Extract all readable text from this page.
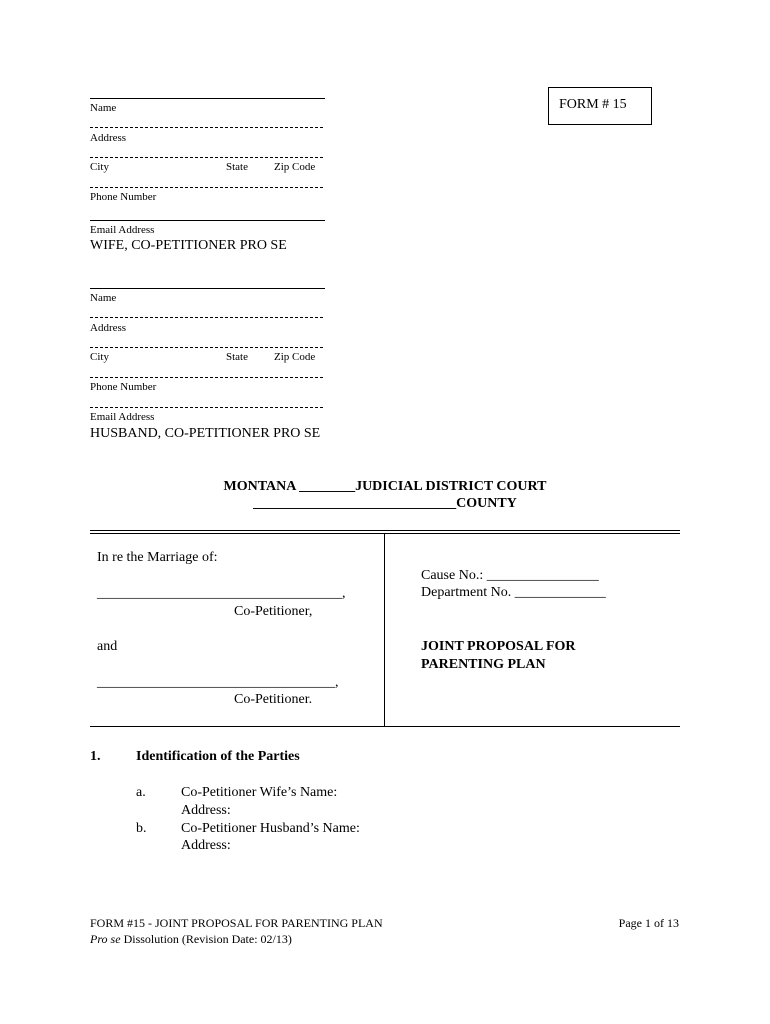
FORM # 15
Name
Address
City	State Zip Code
Phone Number
Email Address
WIFE, CO-PETITIONER PRO SE
Name
Address
City	State Zip Code
Phone Number
Email Address
HUSBAND, CO-PETITIONER PRO SE
MONTANA ________JUDICIAL DISTRICT COURT
_____________________________COUNTY
In re the Marriage of:
___________________________________,
Co-Petitioner,
and
__________________________________,
Co-Petitioner.
Cause No.: ________________
Department No. _____________
JOINT PROPOSAL FOR
PARENTING PLAN
1.	Identification of the Parties
a.	Co-Petitioner Wife’s Name:
Address:
b. Co-Petitioner Husband’s Name:
Address:
FORM #15 - JOINT PROPOSAL FOR PARENTING PLAN
Pro se Dissolution (Revision Date: 02/13)
Page 1 of 13
